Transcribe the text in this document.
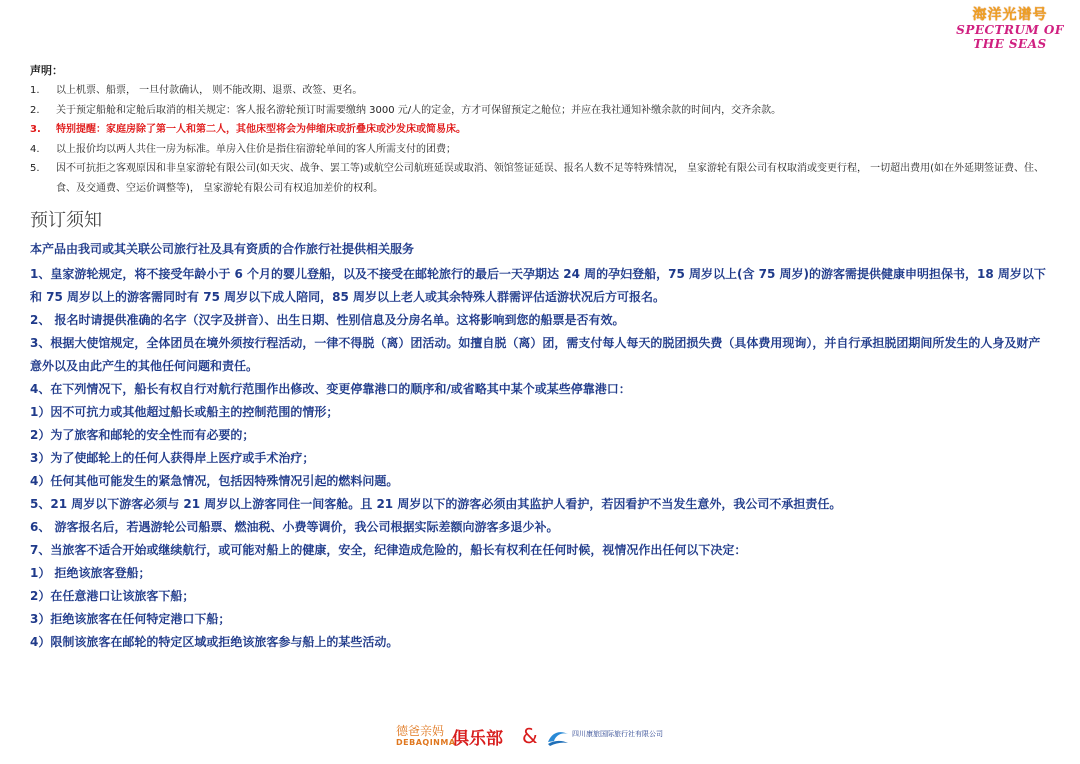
海洋光谱号
SPECTRUM OF THE SEAS
声明：
1. 以上机票、船票， 一旦付款确认， 则不能改期、退票、改签、更名。
2. 关于预定船舱和定舱后取消的相关规定：客人报名游轮预订时需要缴纳 3000 元/人的定金，方才可保留预定之舱位；并应在我社通知补缴余款的时间内，交齐余款。
3. 特别提醒：家庭房除了第一人和第二人，其他床型将会为伸缩床或折叠床或沙发床或简易床。
4. 以上报价均以两人共住一房为标准。单房入住价是指住宿游轮单间的客人所需支付的团费；
5. 因不可抗拒之客观原因和非皇家游轮有限公司(如天灾、战争、罢工等)或航空公司航班延误或取消、领馆签证延误、报名人数不足等特殊情况， 皇家游轮有限公司有权取消或变更行程， 一切超出费用(如在外延期签证费、住、食、及交通费、空运价调整等)， 皇家游轮有限公司有权追加差价的权利。
预订须知
本产品由我司或其关联公司旅行社及具有资质的合作旅行社提供相关服务
1、皇家游轮规定，将不接受年龄小于 6 个月的婴儿登船，以及不接受在邮轮旅行的最后一天孕期达 24 周的孕妇登船，75 周岁以上(含 75 周岁)的游客需提供健康申明担保书，18 周岁以下和 75 周岁以上的游客需同时有 75 周岁以下成人陪同，85 周岁以上老人或其余特殊人群需评估适游状况后方可报名。
2、 报名时请提供准确的名字（汉字及拼音）、出生日期、性别信息及分房名单。这将影响到您的船票是否有效。
3、根据大使馆规定，全体团员在境外须按行程活动，一律不得脱（离）团活动。如擅自脱（离）团，需支付每人每天的脱团损失费（具体费用现询），并自行承担脱团期间所发生的人身及财产意外以及由此产生的其他任何问题和责任。
4、在下列情况下，船长有权自行对航行范围作出修改、变更停靠港口的顺序和/或省略其中某个或某些停靠港口：
1）因不可抗力或其他超过船长或船主的控制范围的情形；
2）为了旅客和邮轮的安全性而有必要的；
3）为了使邮轮上的任何人获得岸上医疗或手术治疗；
4）任何其他可能发生的紧急情况，包括因特殊情况引起的燃料问题。
5、21 周岁以下游客必须与 21 周岁以上游客同住一间客舱。且 21 周岁以下的游客必须由其监护人看护，若因看护不当发生意外，我公司不承担责任。
6、 游客报名后，若遇游轮公司船票、燃油税、小费等调价，我公司根据实际差额向游客多退少补。
7、当旅客不适合开始或继续航行，或可能对船上的健康，安全，纪律造成危险的，船长有权利在任何时候，视情况作出任何以下决定：
1） 拒绝该旅客登船；
2）在任意港口让该旅客下船；
3）拒绝该旅客在任何特定港口下船；
4）限制该旅客在邮轮的特定区域或拒绝该旅客参与船上的某些活动。
德爸亲妈
DEBAQINMA
俱乐部 &	四川康旅国际旅行社有限公司
